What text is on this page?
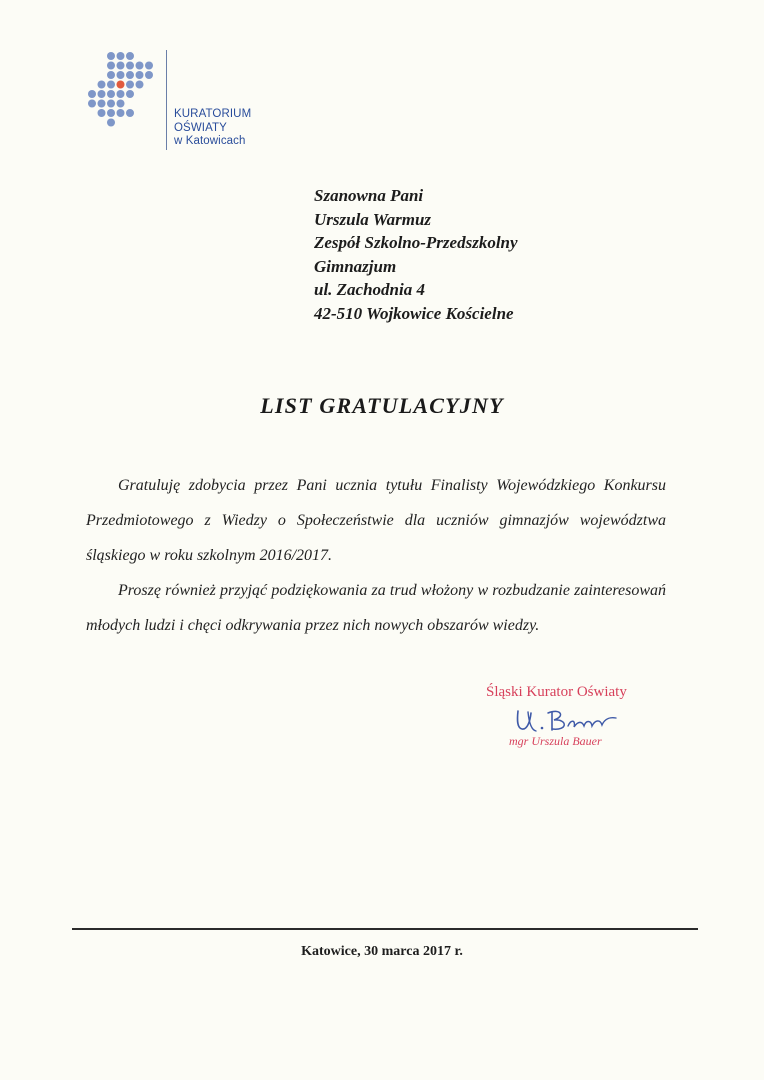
KURATORIUM
OŚWIATY
w Katowicach
Szanowna Pani
Urszula Warmuz
Zespół Szkolno-Przedszkolny
Gimnazjum
ul. Zachodnia 4
42-510 Wojkowice Kościelne
LIST GRATULACYJNY

Gratuluję zdobycia przez Pani ucznia tytułu Finalisty Wojewódzkiego Konkursu Przedmiotowego z Wiedzy o Społeczeństwie dla uczniów gimnazjów województwa śląskiego w roku szkolnym 2016/2017.

Proszę również przyjąć podziękowania za trud włożony w rozbudzanie zainteresowań młodych ludzi i chęci odkrywania przez nich nowych obszarów wiedzy.

Śląski Kurator Oświaty
mgr Urszula Bauer
Katowice, 30 marca 2017 r.
